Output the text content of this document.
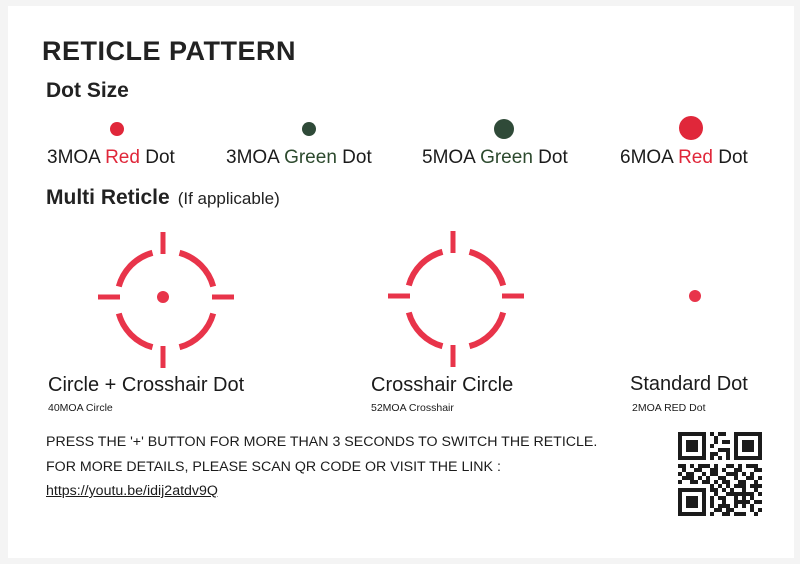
RETICLE PATTERN
Dot Size
3MOA Red Dot	3MOA Green Dot	5MOA Green Dot	6MOA Red Dot
Multi Reticle (If applicable)
Circle + Crosshair Dot
40MOA Circle
Crosshair Circle
52MOA Crosshair
Standard Dot
2MOA RED Dot
PRESS THE '+' BUTTON FOR MORE THAN 3 SECONDS TO SWITCH THE RETICLE.
FOR MORE DETAILS, PLEASE SCAN QR CODE OR VISIT THE LINK :
https://youtu.be/idij2atdv9Q
